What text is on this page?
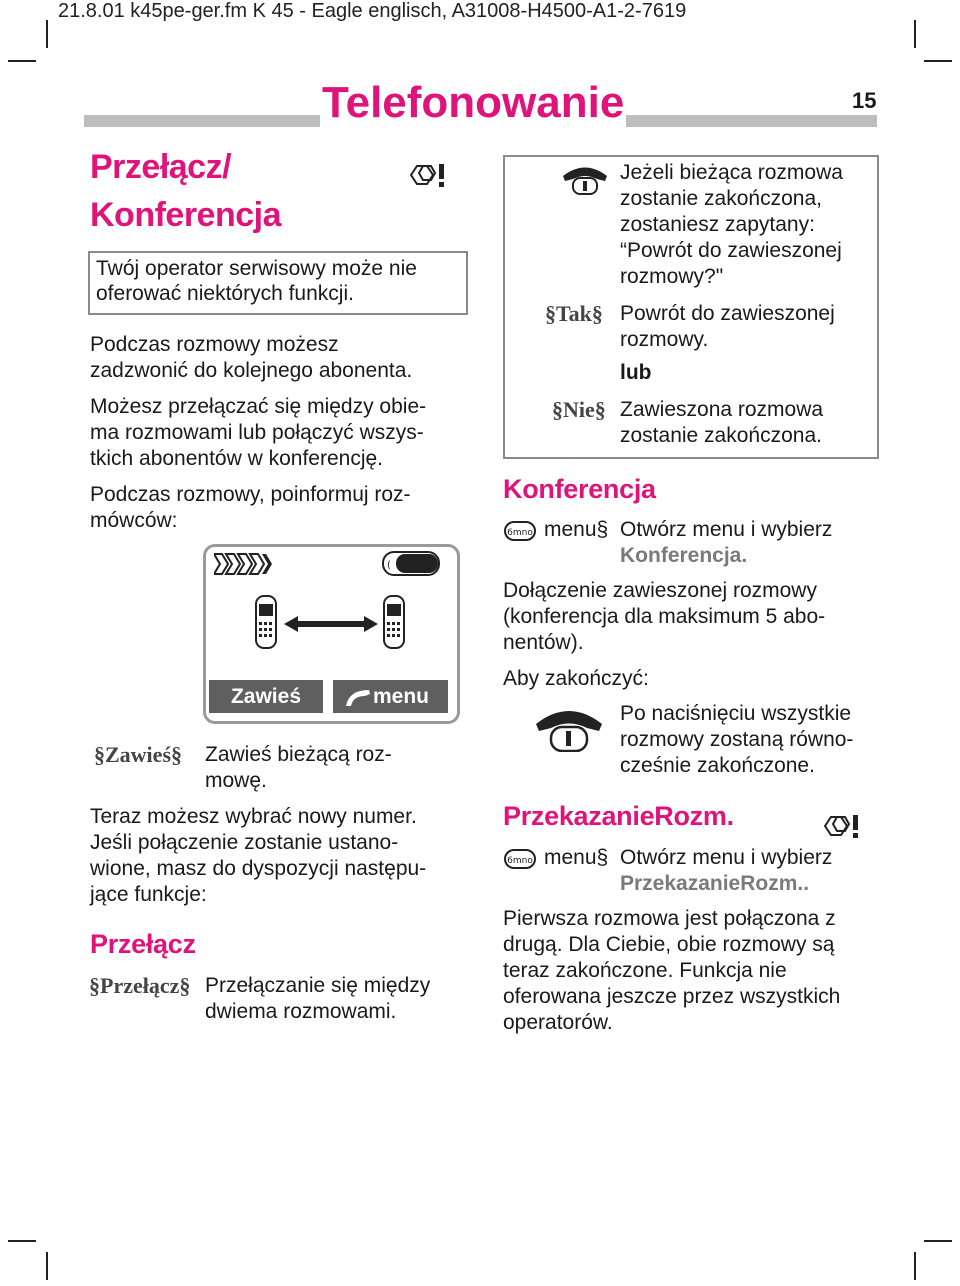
21.8.01 k45pe-ger.fm K 45 - Eagle englisch, A31008-H4500-A1-2-7619
Telefonowanie	15
Przełącz/
Konferencja
Twój operator serwisowy może nie
oferować niektórych funkcji.
Podczas rozmowy możesz
zadzwonić do kolejnego abonenta.
Możesz przełączać się między obie-
ma rozmowami lub połączyć wszys-
tkich abonentów w konferencję.
Podczas rozmowy, poinformuj roz-
mówców:
(
Zawieś	menu
§Zawieś§ Zawieś bieżącą roz-
mowę.
Teraz możesz wybrać nowy numer.
Jeśli połączenie zostanie ustano-
wione, masz do dyspozycji następu-
jące funkcje:
Przełącz
§Przełącz§ Przełączanie się między
dwiema rozmowami.
Jeżeli bieżąca rozmowa
zostanie zakończona,
zostaniesz zapytany:
“Powrót do zawieszonej
rozmowy?"
§Tak§ Powrót do zawieszonej
rozmowy.
lub
§Nie§ Zawieszona rozmowa
zostanie zakończona.
Konferencja
6mno menu§ Otwórz menu i wybierz
Konferencja.
Dołączenie zawieszonej rozmowy
(konferencja dla maksimum 5 abo-
nentów).
Aby zakończyć:
Po naciśnięciu wszystkie
rozmowy zostaną równo-
cześnie zakończone.
PrzekazanieRozm.
6mno menu§ Otwórz menu i wybierz
PrzekazanieRozm..
Pierwsza rozmowa jest połączona z
drugą. Dla Ciebie, obie rozmowy są
teraz zakończone. Funkcja nie
oferowana jeszcze przez wszystkich
operatorów.
